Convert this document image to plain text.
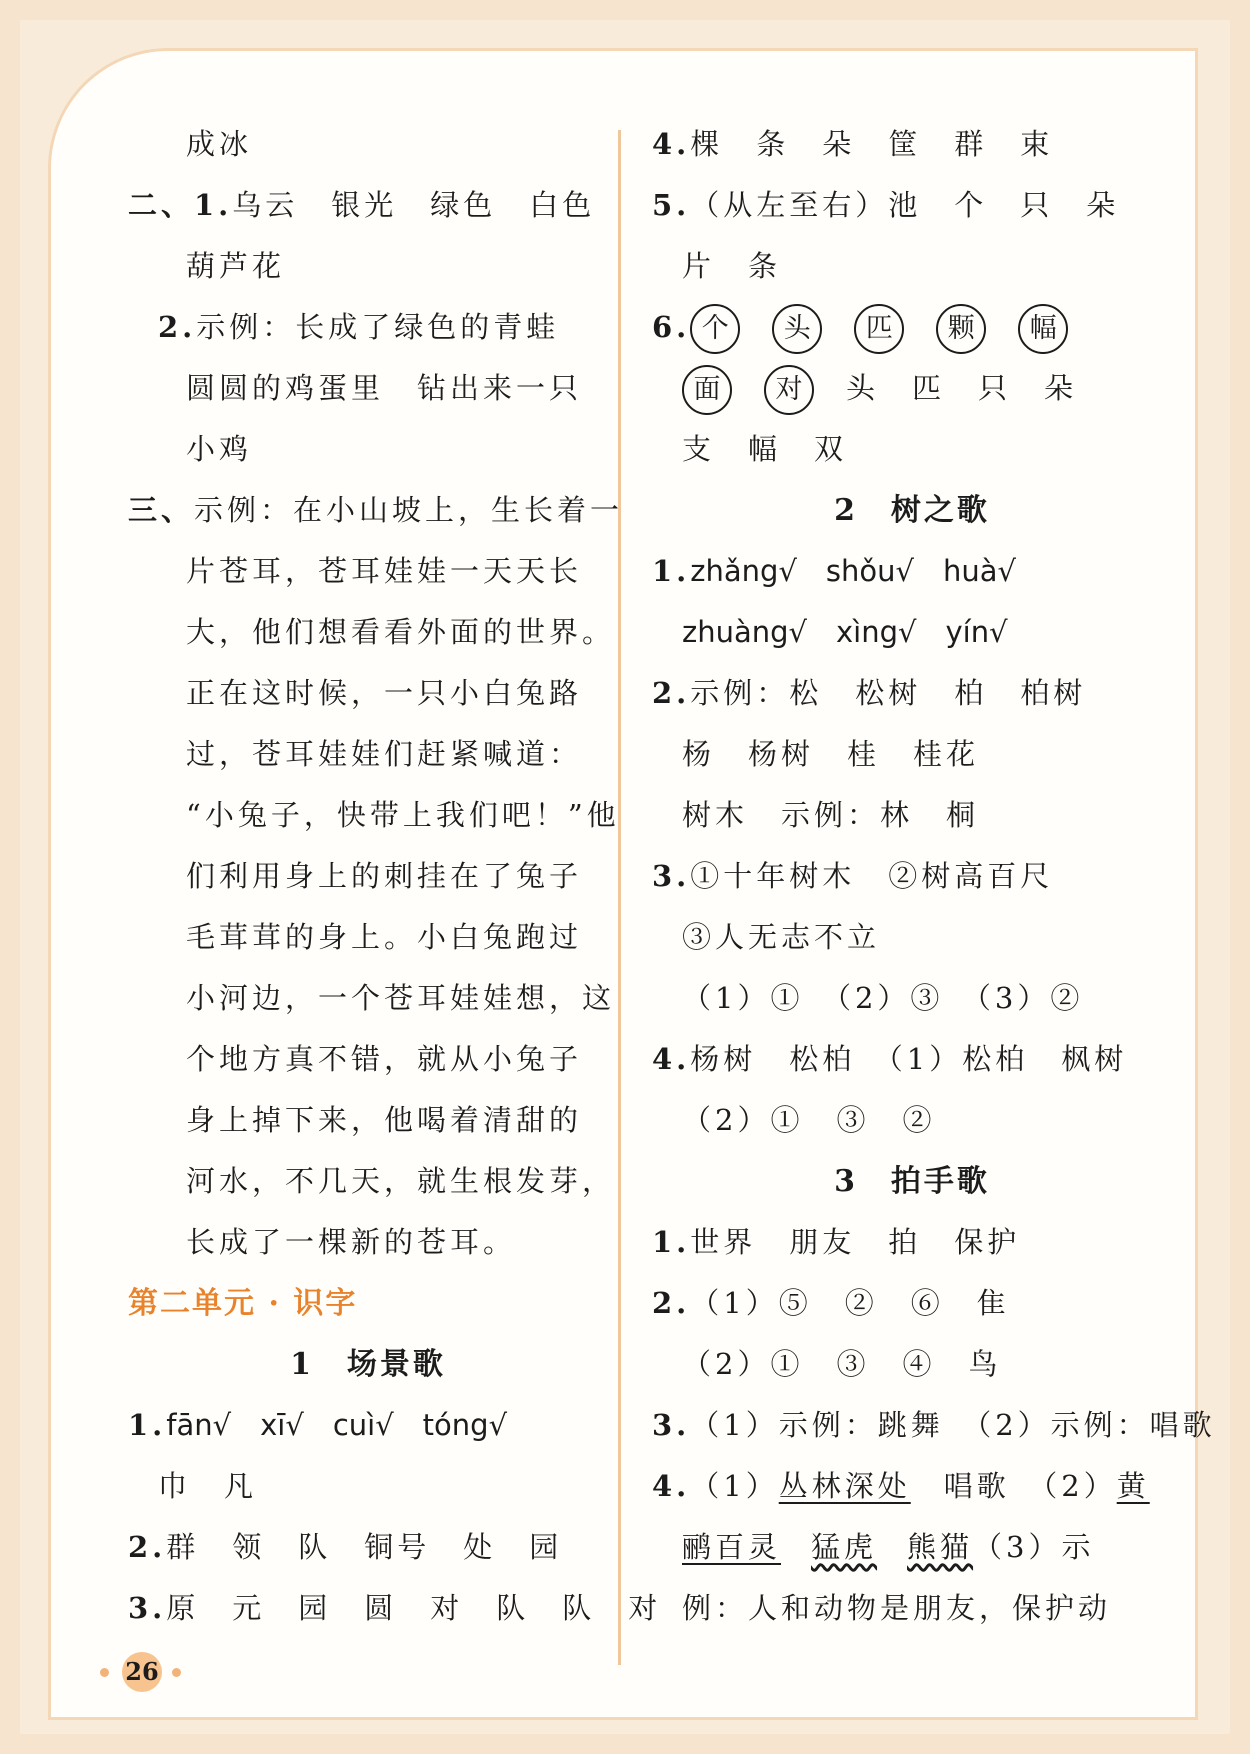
成冰
二、1.乌云　银光　绿色　白色
葫芦花
2.示例：长成了绿色的青蛙
圆圆的鸡蛋里　钻出来一只
小鸡
三、示例：在小山坡上，生长着一
片苍耳，苍耳娃娃一天天长
大，他们想看看外面的世界。
正在这时候，一只小白兔路
过，苍耳娃娃们赶紧喊道：
“小兔子，快带上我们吧！”他
们利用身上的刺挂在了兔子
毛茸茸的身上。小白兔跑过
小河边，一个苍耳娃娃想，这
个地方真不错，就从小兔子
身上掉下来，他喝着清甜的
河水，不几天，就生根发芽，
长成了一棵新的苍耳。
第二单元 · 识字
1　场景歌
1.fān√　xī√　cuì√　tóng√
巾　凡
2.群　领　队　铜号　处　园
3.原　元　园　圆　对　队　队　对
4.棵　条　朵　筐　群　束
5.（从左至右）池　个　只　朵
片　条
6. 个 头 匹 颗 幅
面 对 头　匹　只　朵
支　幅　双
2　树之歌
1.zhǎng√　shǒu√　huà√
zhuàng√　xìng√　yín√
2.示例：松　松树　柏　柏树
杨　杨树　桂　桂花
树木　示例：林　桐
3.①十年树木　②树高百尺
③人无志不立
（1）①　（2）③　（3）②
4.杨树　松柏　（1）松柏　枫树
（2）①　③　②
3　拍手歌
1.世界　朋友　拍　保护
2.（1）⑤　②　⑥　隹
（2）①　③　④　鸟
3.（1）示例：跳舞　（2）示例：唱歌
4.（1）丛林深处　唱歌　（2）黄
鹂百灵 猛虎 熊猫（3）示
例：人和动物是朋友，保护动
26
